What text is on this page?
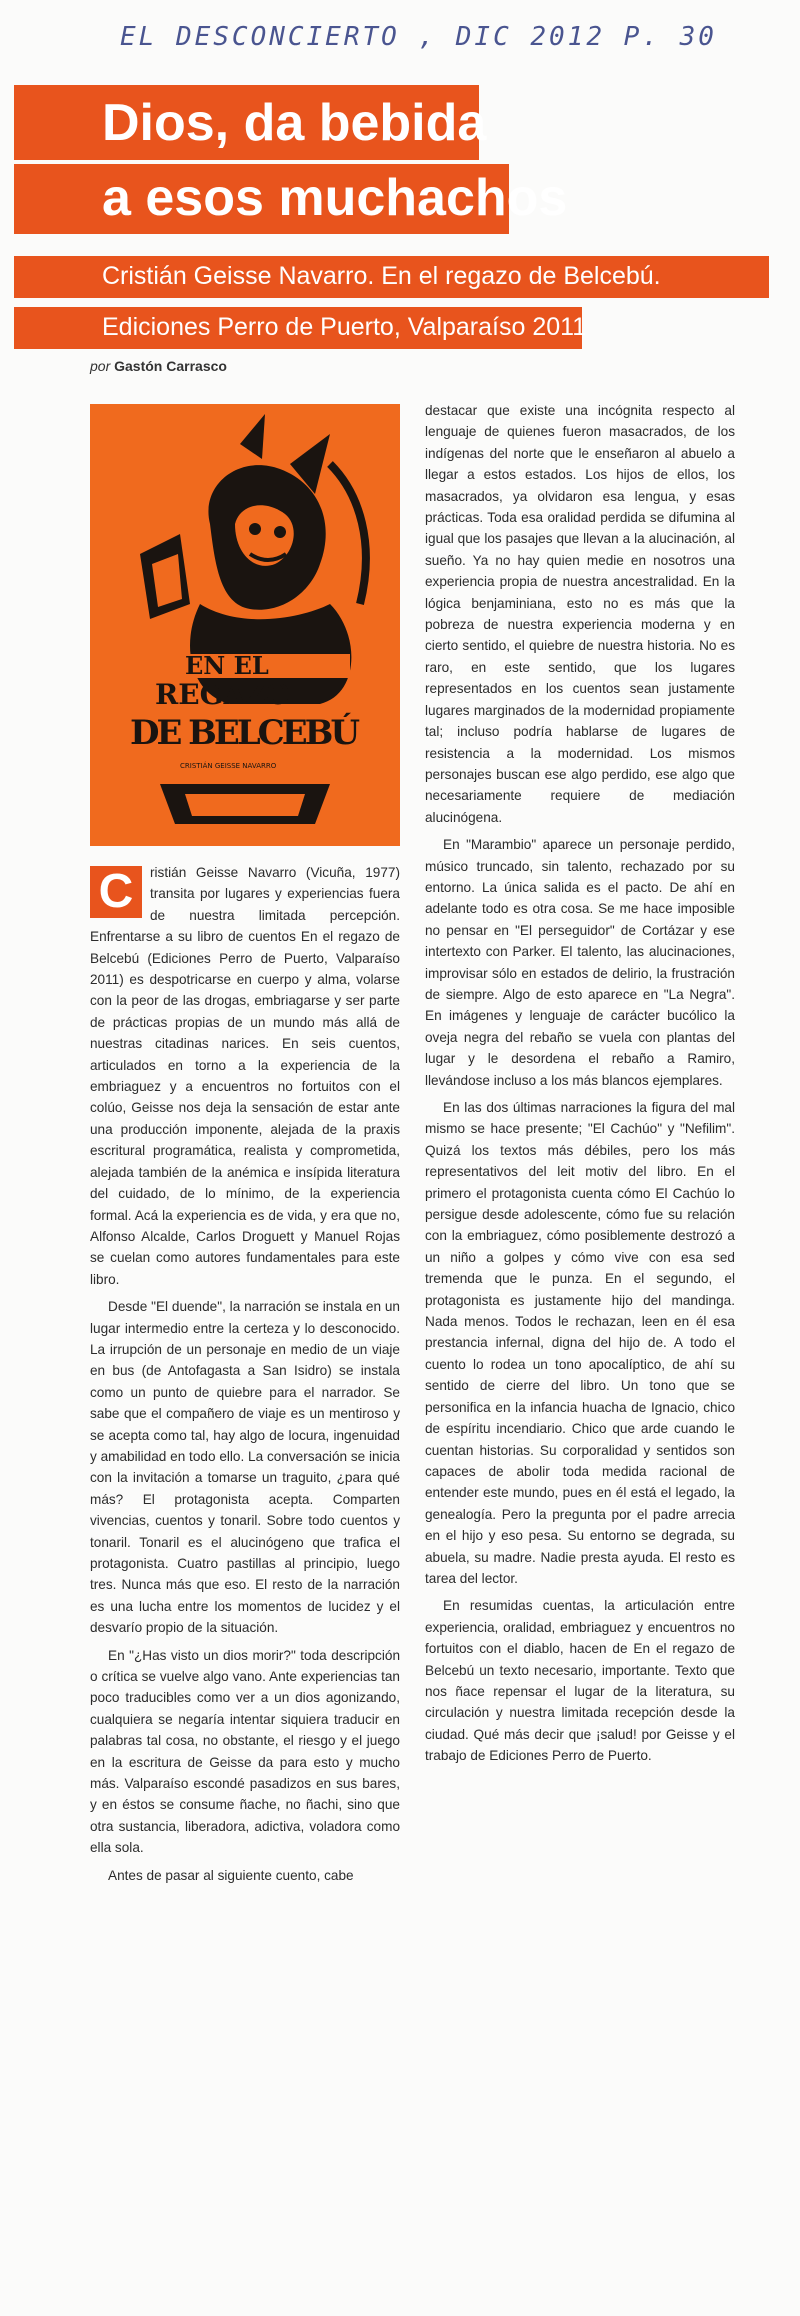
EL DESCONCIERTO , DIC 2012 P. 30
Dios, da bebida
a esos muchachos
Cristián Geisse Navarro. En el regazo de Belcebú.
Ediciones Perro de Puerto, Valparaíso 2011
por Gastón Carrasco
EN EL
REGAZO
DE BELCEBÚ
CRISTIÁN GEISSE NAVARRO

C	ristián Geisse Navarro (Vicuña, 1977) transita por lugares y experiencias fuera de nuestra limitada percepción. Enfrentarse a su libro de cuentos En el regazo de Belcebú (Ediciones Perro de Puerto, Valparaíso 2011) es despotricarse en cuerpo y alma, volarse con la peor de las drogas, embriagarse y ser parte de prácticas propias de un mundo más allá de nuestras citadinas narices. En seis cuentos, articulados en torno a la experiencia de la embriaguez y a encuentros no fortuitos con el colúo, Geisse nos deja la sensación de estar ante una producción imponente, alejada de la praxis escritural programática, realista y comprometida, alejada también de la anémica e insípida literatura del cuidado, de lo mínimo, de la experiencia formal. Acá la experiencia es de vida, y era que no, Alfonso Alcalde, Carlos Droguett y Manuel Rojas se cuelan como autores fundamentales para este libro.

Desde "El duende", la narración se instala en un lugar intermedio entre la certeza y lo desconocido. La irrupción de un personaje en medio de un viaje en bus (de Antofagasta a San Isidro) se instala como un punto de quiebre para el narrador. Se sabe que el compañero de viaje es un mentiroso y se acepta como tal, hay algo de locura, ingenuidad y amabilidad en todo ello. La conversación se inicia con la invitación a tomarse un traguito, ¿para qué más? El protagonista acepta. Comparten vivencias, cuentos y tonaril. Sobre todo cuentos y tonaril. Tonaril es el alucinógeno que trafica el protagonista. Cuatro pastillas al principio, luego tres. Nunca más que eso. El resto de la narración es una lucha entre los momentos de lucidez y el desvarío propio de la situación.

En "¿Has visto un dios morir?" toda descripción o crítica se vuelve algo vano. Ante experiencias tan poco traducibles como ver a un dios agonizando, cualquiera se negaría intentar siquiera traducir en palabras tal cosa, no obstante, el riesgo y el juego en la escritura de Geisse da para esto y mucho más. Valparaíso escondé pasadizos en sus bares, y en éstos se consume ñache, no ñachi, sino que otra sustancia, liberadora, adictiva, voladora como ella sola.

Antes de pasar al siguiente cuento, cabe

destacar que existe una incógnita respecto al lenguaje de quienes fueron masacrados, de los indígenas del norte que le enseñaron al abuelo a llegar a estos estados. Los hijos de ellos, los masacrados, ya olvidaron esa lengua, y esas prácticas. Toda esa oralidad perdida se difumina al igual que los pasajes que llevan a la alucinación, al sueño. Ya no hay quien medie en nosotros una experiencia propia de nuestra ancestralidad. En la lógica benjaminiana, esto no es más que la pobreza de nuestra experiencia moderna y en cierto sentido, el quiebre de nuestra historia. No es raro, en este sentido, que los lugares representados en los cuentos sean justamente lugares marginados de la modernidad propiamente tal; incluso podría hablarse de lugares de resistencia a la modernidad. Los mismos personajes buscan ese algo perdido, ese algo que necesariamente requiere de mediación alucinógena.

En "Marambio" aparece un personaje perdido, músico truncado, sin talento, rechazado por su entorno. La única salida es el pacto. De ahí en adelante todo es otra cosa. Se me hace imposible no pensar en "El perseguidor" de Cortázar y ese intertexto con Parker. El talento, las alucinaciones, improvisar sólo en estados de delirio, la frustración de siempre. Algo de esto aparece en "La Negra". En imágenes y lenguaje de carácter bucólico la oveja negra del rebaño se vuela con plantas del lugar y le desordena el rebaño a Ramiro, llevándose incluso a los más blancos ejemplares.

En las dos últimas narraciones la figura del mal mismo se hace presente; "El Cachúo" y "Nefilim". Quizá los textos más débiles, pero los más representativos del leit motiv del libro. En el primero el protagonista cuenta cómo El Cachúo lo persigue desde adolescente, cómo fue su relación con la embriaguez, cómo posiblemente destrozó a un niño a golpes y cómo vive con esa sed tremenda que le punza. En el segundo, el protagonista es justamente hijo del mandinga. Nada menos. Todos le rechazan, leen en él esa prestancia infernal, digna del hijo de. A todo el cuento lo rodea un tono apocalíptico, de ahí su sentido de cierre del libro. Un tono que se personifica en la infancia huacha de Ignacio, chico de espíritu incendiario. Chico que arde cuando le cuentan historias. Su corporalidad y sentidos son capaces de abolir toda medida racional de entender este mundo, pues en él está el legado, la genealogía. Pero la pregunta por el padre arrecia en el hijo y eso pesa. Su entorno se degrada, su abuela, su madre. Nadie presta ayuda. El resto es tarea del lector.

En resumidas cuentas, la articulación entre experiencia, oralidad, embriaguez y encuentros no fortuitos con el diablo, hacen de En el regazo de Belcebú un texto necesario, importante. Texto que nos ñace repensar el lugar de la literatura, su circulación y nuestra limitada recepción desde la ciudad. Qué más decir que ¡salud! por Geisse y el trabajo de Ediciones Perro de Puerto.
